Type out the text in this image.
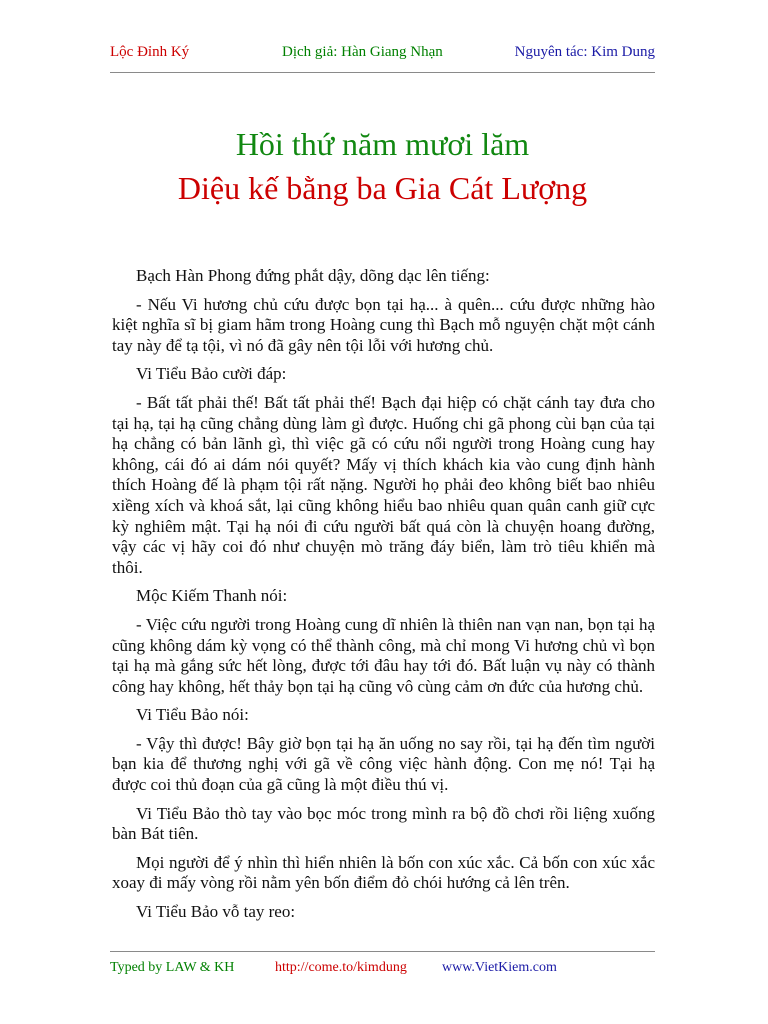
Lộc Đỉnh Ký	Dịch giả: Hàn Giang Nhạn	Nguyên tác: Kim Dung
Hồi thứ năm mươi lăm
Diệu kế bằng ba Gia Cát Lượng

Bạch Hàn Phong đứng phắt dậy, dõng dạc lên tiếng:

- Nếu Vi hương chủ cứu được bọn tại hạ... à quên... cứu được những hào kiệt nghĩa sĩ bị giam hãm trong Hoàng cung thì Bạch mỗ nguyện chặt một cánh tay này để tạ tội, vì nó đã gây nên tội lỗi với hương chủ.

Vi Tiểu Bảo cười đáp:

- Bất tất phải thế! Bất tất phải thế! Bạch đại hiệp có chặt cánh tay đưa cho tại hạ, tại hạ cũng chẳng dùng làm gì được. Huống chi gã phong cùi bạn của tại hạ chẳng có bản lãnh gì, thì việc gã có cứu nổi người trong Hoàng cung hay không, cái đó ai dám nói quyết? Mấy vị thích khách kia vào cung định hành thích Hoàng đế là phạm tội rất nặng. Người họ phải đeo không biết bao nhiêu xiềng xích và khoá sắt, lại cũng không hiểu bao nhiêu quan quân canh giữ cực kỳ nghiêm mật. Tại hạ nói đi cứu người bất quá còn là chuyện hoang đường, vậy các vị hãy coi đó như chuyện mò trăng đáy biển, làm trò tiêu khiển mà thôi.

Mộc Kiếm Thanh nói:

- Việc cứu người trong Hoàng cung dĩ nhiên là thiên nan vạn nan, bọn tại hạ cũng không dám kỳ vọng có thể thành công, mà chỉ mong Vi hương chủ vì bọn tại hạ mà gắng sức hết lòng, được tới đâu hay tới đó. Bất luận vụ này có thành công hay không, hết thảy bọn tại hạ cũng vô cùng cảm ơn đức của hương chủ.

Vi Tiểu Bảo nói:

- Vậy thì được! Bây giờ bọn tại hạ ăn uống no say rồi, tại hạ đến tìm người bạn kia để thương nghị với gã về công việc hành động. Con mẹ nó! Tại hạ được coi thủ đoạn của gã cũng là một điều thú vị.

Vi Tiểu Bảo thò tay vào bọc móc trong mình ra bộ đồ chơi rồi liệng xuống bàn Bát tiên.

Mọi người để ý nhìn thì hiển nhiên là bốn con xúc xắc. Cả bốn con xúc xắc xoay đi mấy vòng rồi nằm yên bốn điểm đỏ chói hướng cả lên trên.

Vi Tiểu Bảo vỗ tay reo:

Typed by LAW & KH	http://come.to/kimdung	www.VietKiem.com
